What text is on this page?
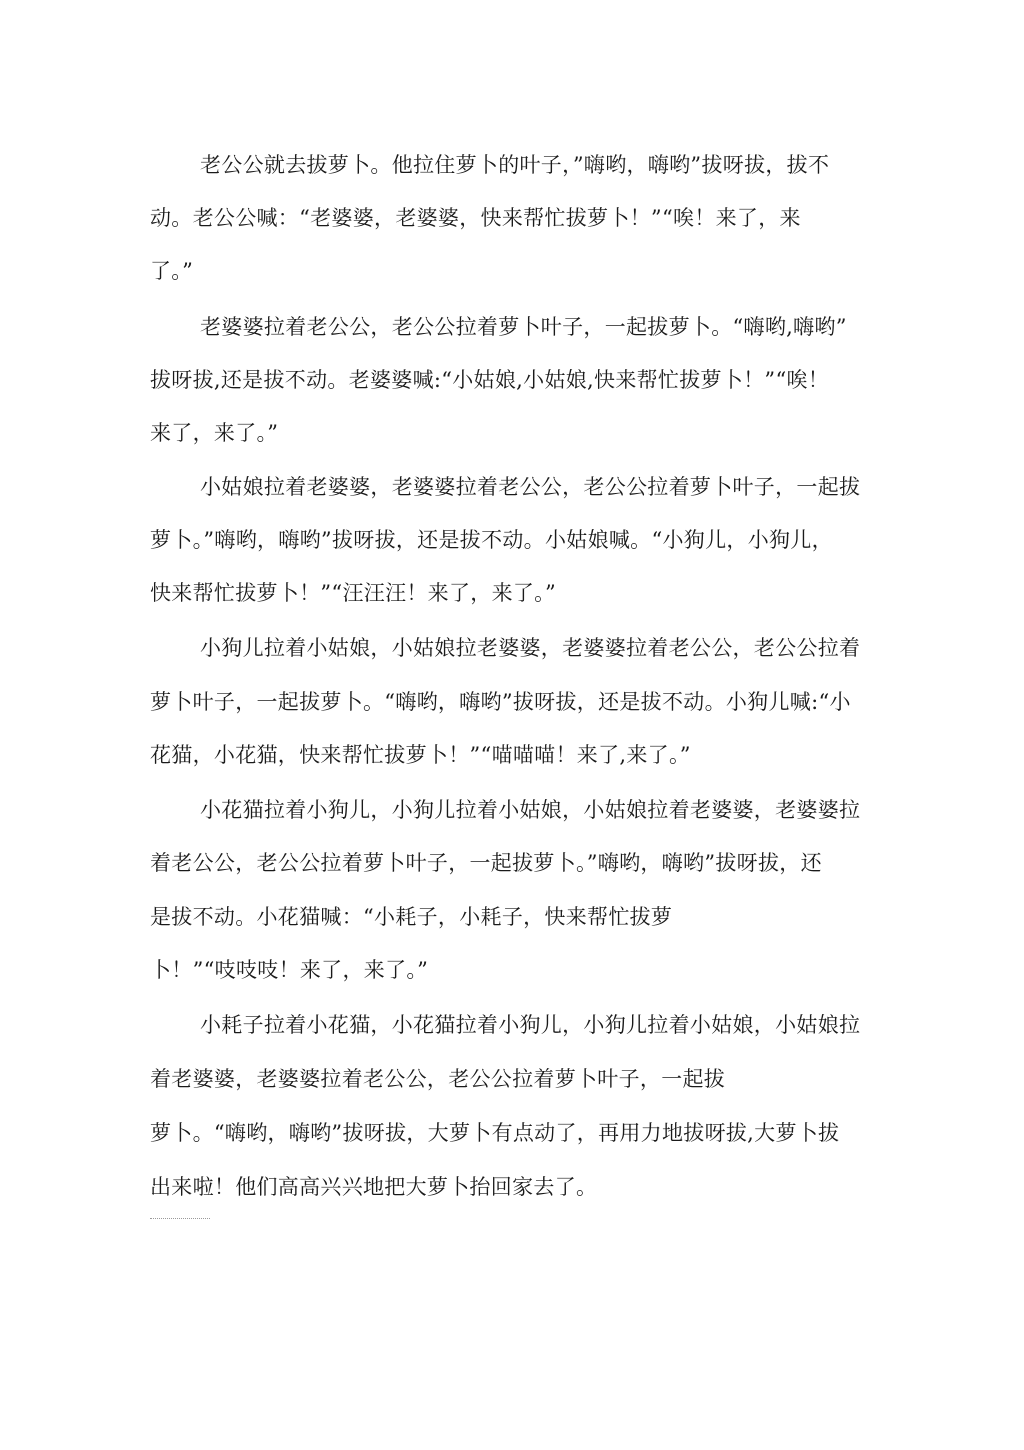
老公公就去拔萝卜。他拉住萝卜的叶子，”嗨哟，嗨哟”拔呀拔，拔不
动。老公公喊：“老婆婆，老婆婆，快来帮忙拔萝卜！”“唉！来了，来
了。”
老婆婆拉着老公公，老公公拉着萝卜叶子，一起拔萝卜。“嗨哟,嗨哟”
拔呀拔,还是拔不动。老婆婆喊:“小姑娘,小姑娘,快来帮忙拔萝卜！”“唉！
来了，来了。”
小姑娘拉着老婆婆，老婆婆拉着老公公，老公公拉着萝卜叶子，一起拔
萝卜。”嗨哟，嗨哟”拔呀拔，还是拔不动。小姑娘喊。“小狗儿，小狗儿，
快来帮忙拔萝卜！”“汪汪汪！来了，来了。”
小狗儿拉着小姑娘，小姑娘拉老婆婆，老婆婆拉着老公公，老公公拉着
萝卜叶子，一起拔萝卜。“嗨哟，嗨哟”拔呀拔，还是拔不动。小狗儿喊:“小
花猫，小花猫，快来帮忙拔萝卜！”“喵喵喵！来了,来了。”
小花猫拉着小狗儿，小狗儿拉着小姑娘，小姑娘拉着老婆婆，老婆婆拉
着老公公，老公公拉着萝卜叶子，一起拔萝卜。”嗨哟，嗨哟”拔呀拔，还
是拔不动。小花猫喊：“小耗子，小耗子，快来帮忙拔萝
卜！”“吱吱吱！来了，来了。”
小耗子拉着小花猫，小花猫拉着小狗儿，小狗儿拉着小姑娘，小姑娘拉
着老婆婆，老婆婆拉着老公公，老公公拉着萝卜叶子，一起拔
萝卜。“嗨哟，嗨哟”拔呀拔，大萝卜有点动了，再用力地拔呀拔,大萝卜拔
出来啦！他们高高兴兴地把大萝卜抬回家去了。
